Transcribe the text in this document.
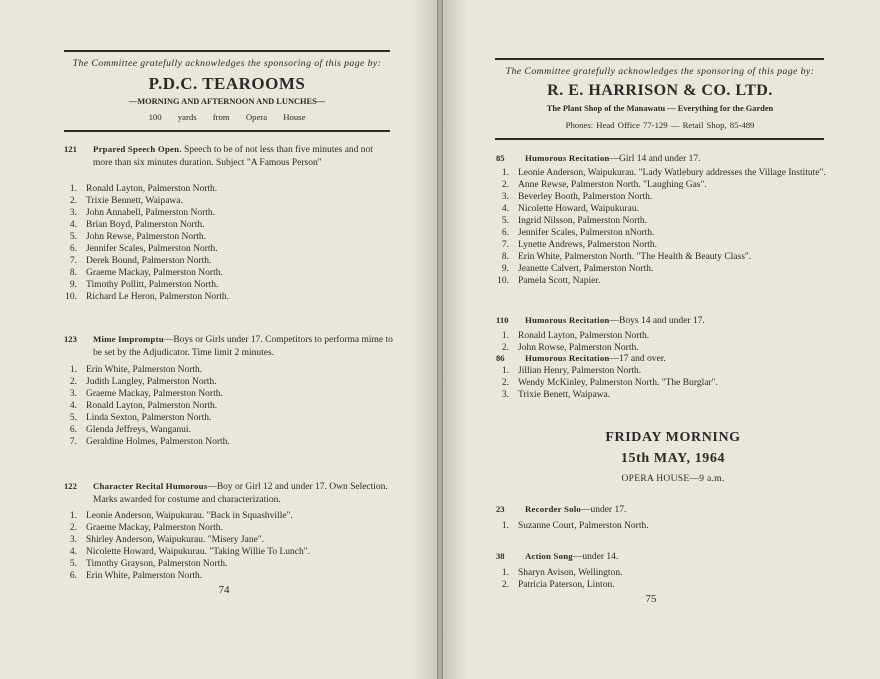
The Committee gratefully acknowledges the sponsoring of this page by:
P.D.C. TEAROOMS
—MORNING AND AFTERNOON AND LUNCHES—
100 yards from Opera House
121	Prpared Speech Open. Speech to be of not less than five minutes and not more than six minutes duration. Subject "A Famous Person"
1. Ronald Layton, Palmerston North.
2. Trixie Bennett, Waipawa.
3. John Annabell, Palmerston North.
4. Brian Boyd, Palmerston North.
5. John Rewse, Palmerston North.
6. Jennifer Scales, Palmerston North.
7. Derek Bound, Palmerston North.
8. Graeme Mackay, Palmerston North.
9. Timothy Pollitt, Palmerston North.
10. Richard Le Heron, Palmerston North.
123	Mime Impromptu—Boys or Girls under 17. Competitors to performa mime to be set by the Adjudicator. Time limit 2 minutes.
1. Erin White, Palmerston North.
2. Judith Langley, Palmerston North.
3. Graeme Mackay, Palmerston North.
4. Ronald Layton, Palmerston North.
5. Linda Sexton, Palmerston North.
6. Glenda Jeffreys, Wanganui.
7. Geraldine Holmes, Palmerston North.
122	Character Recital Humorous—Boy or Girl 12 and under 17. Own Selection. Marks awarded for costume and characterization.
1. Leonie Anderson, Waipukurau. "Back in Squashville".
2. Graeme Mackay, Palmerston North.
3. Shirley Anderson, Waipukurau. "Misery Jane".
4. Nicolette Howard, Waipukurau. "Taking Willie To Lunch".
5. Timothy Grayson, Palmerston North.
6. Erin White, Palmerston North.
74
The Committee gratefully acknowledges the sponsoring of this page by:
R. E. HARRISON & CO. LTD.
The Plant Shop of the Manawatu — Everything for the Garden
Phones: Head Office 77-129 — Retail Shop, 85-489
85	Humorous Recitation—Girl 14 and under 17.
1. Leonie Anderson, Waipukurau. "Lady Watlebury addresses the Village Institute".
2. Anne Rewse, Palmerston North. "Laughing Gas".
3. Beverley Booth, Palmerston North.
4. Nicolette Howard, Waipukurau.
5. Ingrid Nilsson, Palmerston North.
6. Jennifer Scales, Palmerston nNorth.
7. Lynette Andrews, Palmerston North.
8. Erin White, Palmerston North. "The Health & Beauty Class".
9. Jeanette Calvert, Palmerston North.
10. Pamela Scott, Napier.
110	Humorous Recitation—Boys 14 and under 17.
1. Ronald Layton, Palmerston North.
2. John Rowse, Palmerston North.
86	Humorous Recitation—17 and over.
1. Jillian Henry, Palmerston North.
2. Wendy McKinley, Palmerston North. "The Burglar".
3. Trixie Benett, Waipawa.
FRIDAY MORNING
15th MAY, 1964
OPERA HOUSE—9 a.m.
23	Recorder Solo—under 17.
1. Suzanne Court, Palmerston North.
38	Action Song—under 14.
1. Sharyn Avison, Wellington.
2. Patricia Paterson, Linton.
75
